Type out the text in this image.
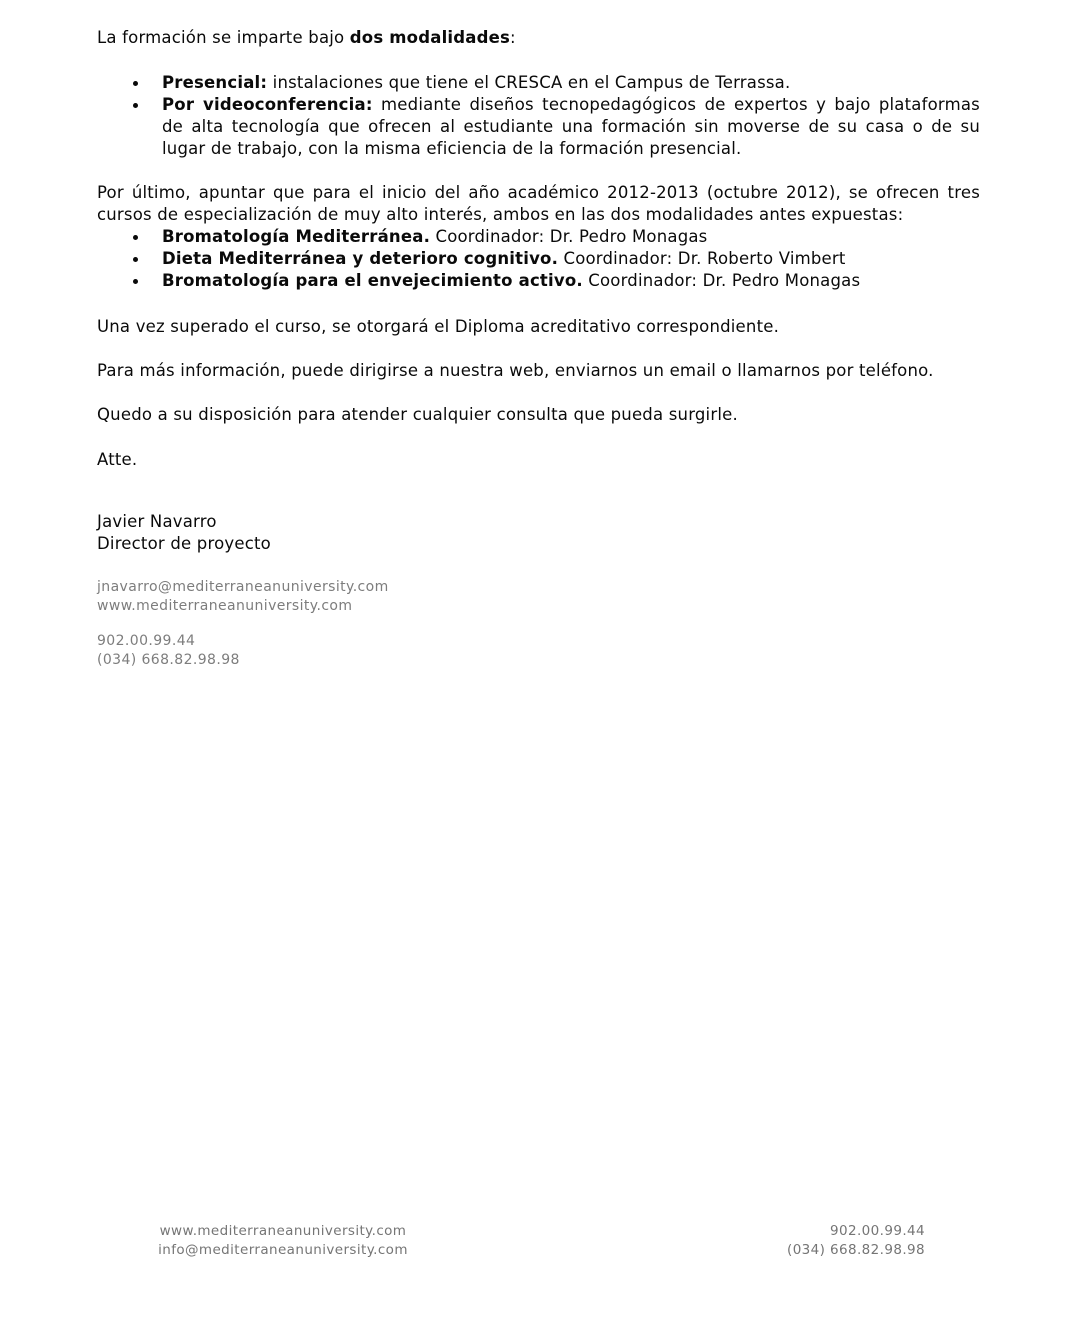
La formación se imparte bajo dos modalidades:

Presencial: instalaciones que tiene el CRESCA en el Campus de Terrassa.
Por videoconferencia: mediante diseños tecnopedagógicos de expertos y bajo plataformas de alta tecnología que ofrecen al estudiante una formación sin moverse de su casa o de su lugar de trabajo, con la misma eficiencia de la formación presencial.

Por último, apuntar que para el inicio del año académico 2012-2013 (octubre 2012), se ofrecen tres cursos de especialización de muy alto interés, ambos en las dos modalidades antes expuestas:

Bromatología Mediterránea. Coordinador: Dr. Pedro Monagas
Dieta Mediterránea y deterioro cognitivo. Coordinador: Dr. Roberto Vimbert
Bromatología para el envejecimiento activo. Coordinador: Dr. Pedro Monagas

Una vez superado el curso, se otorgará el Diploma acreditativo correspondiente.

Para más información, puede dirigirse a nuestra web, enviarnos un email o llamarnos por teléfono.

Quedo a su disposición para atender cualquier consulta que pueda surgirle.

Atte.

Javier Navarro

Director de proyecto

jnavarro@mediterraneanuniversity.com

www.mediterraneanuniversity.com

902.00.99.44

(034) 668.82.98.98

www.mediterraneanuniversity.com

info@mediterraneanuniversity.com

902.00.99.44

(034) 668.82.98.98
